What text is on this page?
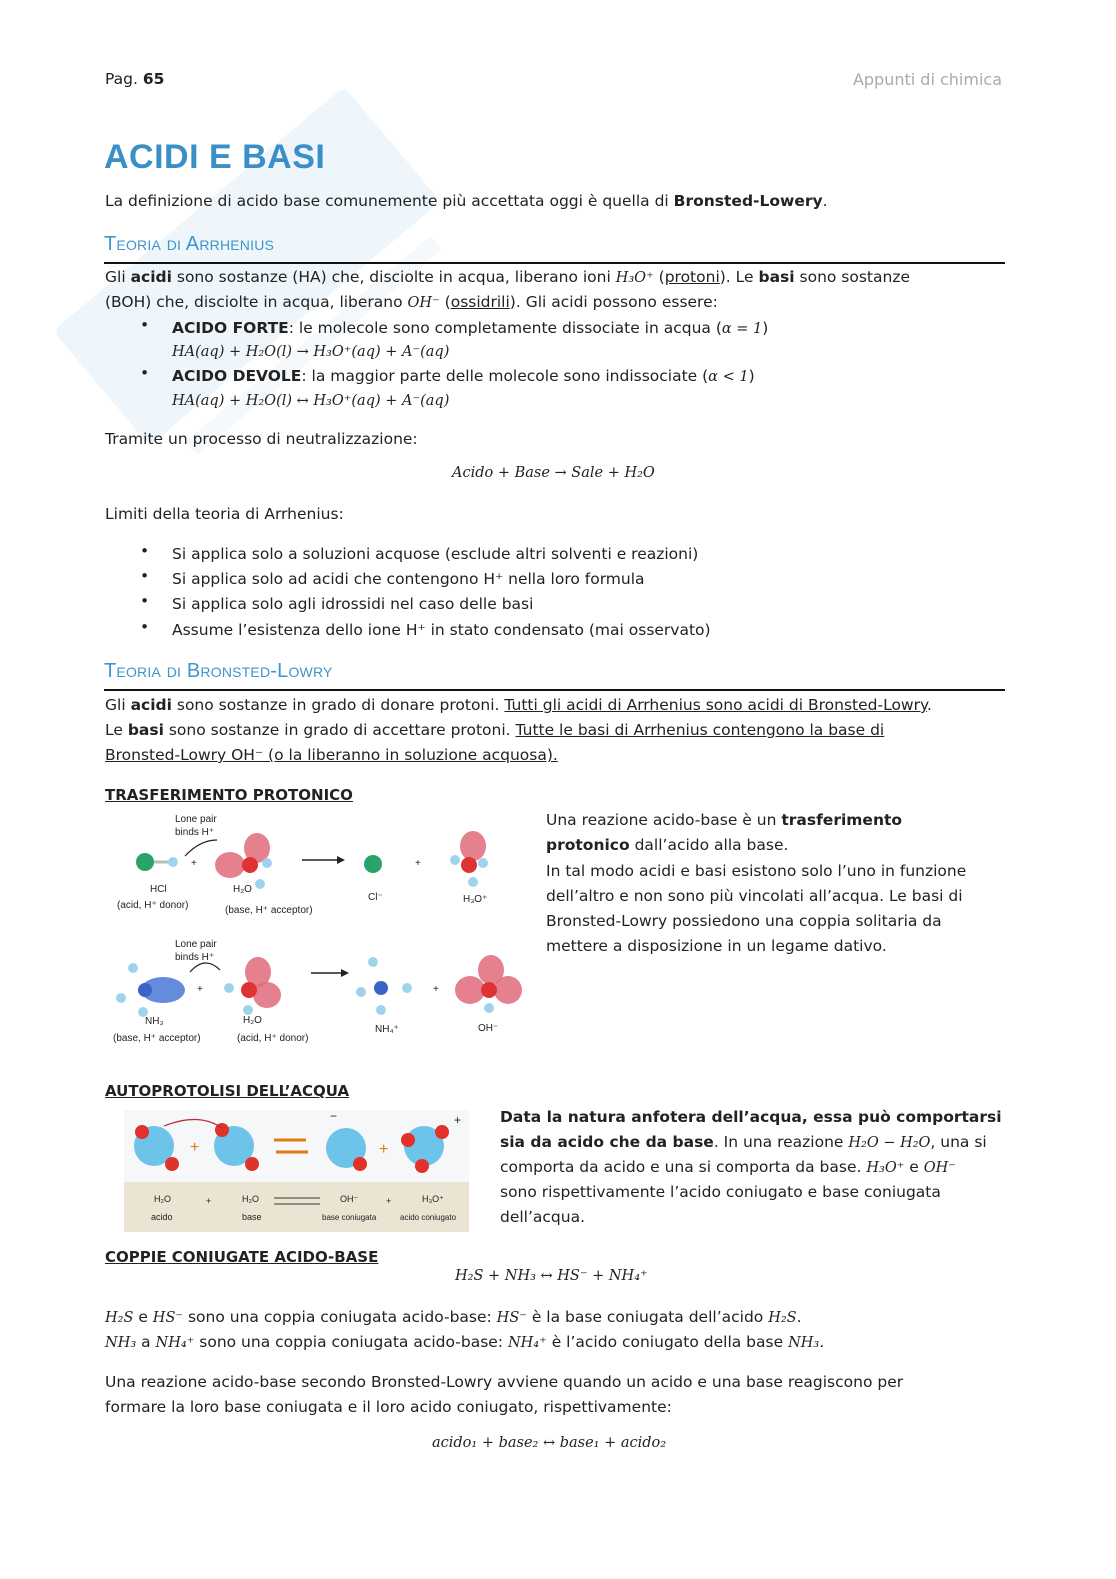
Pag. 65	Appunti di chimica
ACIDI E BASI
La definizione di acido base comunemente più accettata oggi è quella di Bronsted-Lowery.
Teoria di Arrhenius
Gli acidi sono sostanze (HA) che, disciolte in acqua, liberano ioni H₃O⁺ (protoni). Le basi sono sostanze
(BOH) che, disciolte in acqua, liberano OH⁻ (ossidrili). Gli acidi possono essere:
• ACIDO FORTE: le molecole sono completamente dissociate in acqua (α = 1)
HA(aq) + H₂O(l) → H₃O⁺(aq) + A⁻(aq)
• ACIDO DEVOLE: la maggior parte delle molecole sono indissociate (α < 1)
HA(aq) + H₂O(l) ↔ H₃O⁺(aq) + A⁻(aq)
Tramite un processo di neutralizzazione:
Acido + Base → Sale + H₂O
Limiti della teoria di Arrhenius:
• Si applica solo a soluzioni acquose (esclude altri solventi e reazioni)
• Si applica solo ad acidi che contengono H⁺ nella loro formula
• Si applica solo agli idrossidi nel caso delle basi
• Assume l’esistenza dello ione H⁺ in stato condensato (mai osservato)
Teoria di Bronsted-Lowry
Gli acidi sono sostanze in grado di donare protoni. Tutti gli acidi di Arrhenius sono acidi di Bronsted-Lowry.
Le basi sono sostanze in grado di accettare protoni. Tutte le basi di Arrhenius contengono la base di
Bronsted-Lowry OH⁻ (o la liberanno in soluzione acquosa).
TRASFERIMENTO PROTONICO
Lone pair
binds H⁺
+
HCl
(acid, H⁺ donor)
H₂O
(base, H⁺ acceptor)
Cl⁻
+
H₃O⁺
Lone pair
binds H⁺
+
NH₃
(base, H⁺ acceptor)
H₂O
(acid, H⁺ donor)
NH₄⁺
+
OH⁻
Una reazione acido-base è un trasferimento
protonico dall’acido alla base.
In tal modo acidi e basi esistono solo l’uno in funzione
dell’altro e non sono più vincolati all’acqua. Le basi di
Bronsted-Lowry possiedono una coppia solitaria da
mettere a disposizione in un legame dativo.
AUTOPROTOLISI DELL’ACQUA
+
−
+
+
H₂O
acido
+	H₂O
base
OH⁻
base coniugata
+	H₃O⁺
acido coniugato
Data la natura anfotera dell’acqua, essa può comportarsi
sia da acido che da base. In una reazione H₂O − H₂O, una si
comporta da acido e una si comporta da base. H₃O⁺ e OH⁻
sono rispettivamente l’acido coniugato e base coniugata
dell’acqua.
COPPIE CONIUGATE ACIDO-BASE
H₂S + NH₃ ↔ HS⁻ + NH₄⁺
H₂S e HS⁻ sono una coppia coniugata acido-base: HS⁻ è la base coniugata dell’acido H₂S.
NH₃ a NH₄⁺ sono una coppia coniugata acido-base: NH₄⁺ è l’acido coniugato della base NH₃.
Una reazione acido-base secondo Bronsted-Lowry avviene quando un acido e una base reagiscono per
formare la loro base coniugata e il loro acido coniugato, rispettivamente:
acido₁ + base₂ ↔ base₁ + acido₂
